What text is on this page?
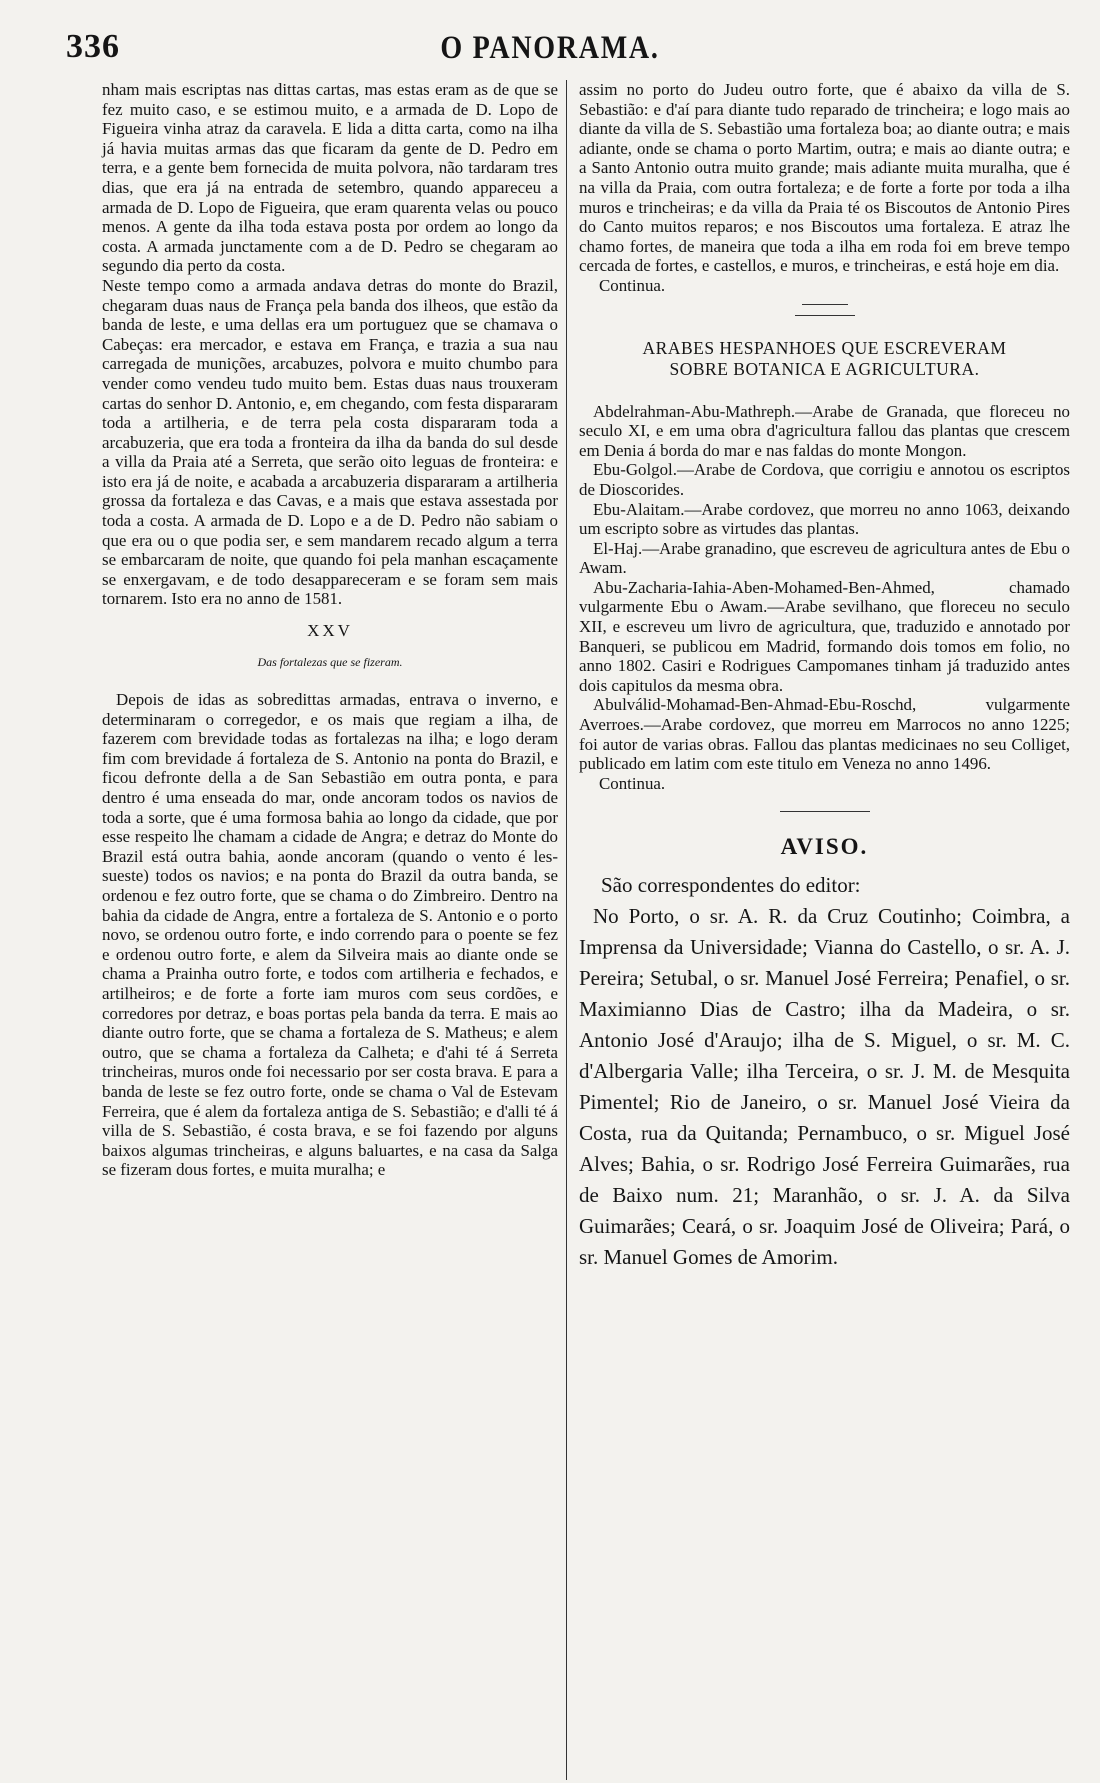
336	O PANORAMA.

nham mais escriptas nas dittas cartas, mas estas eram as de que se fez muito caso, e se estimou muito, e a armada de D. Lopo de Figueira vinha atraz da caravela. E lida a ditta carta, como na ilha já havia muitas armas das que ficaram da gente de D. Pedro em terra, e a gente bem fornecida de muita polvora, não tardaram tres dias, que era já na entrada de setembro, quando appareceu a armada de D. Lopo de Figueira, que eram quarenta velas ou pouco menos. A gente da ilha toda estava posta por ordem ao longo da costa. A armada junctamente com a de D. Pedro se chegaram ao segundo dia perto da costa.

Neste tempo como a armada andava detras do monte do Brazil, chegaram duas naus de França pela banda dos ilheos, que estão da banda de leste, e uma dellas era um portuguez que se chamava o Cabeças: era mercador, e estava em França, e trazia a sua nau carregada de munições, arcabuzes, polvora e muito chumbo para vender como vendeu tudo muito bem. Estas duas naus trouxeram cartas do senhor D. Antonio, e, em chegando, com festa dispararam toda a artilheria, e de terra pela costa dispararam toda a arcabuzeria, que era toda a fronteira da ilha da banda do sul desde a villa da Praia até a Serreta, que serão oito leguas de fronteira: e isto era já de noite, e acabada a arcabuzeria dispararam a artilheria grossa da fortaleza e das Cavas, e a mais que estava assestada por toda a costa. A armada de D. Lopo e a de D. Pedro não sabiam o que era ou o que podia ser, e sem mandarem recado algum a terra se embarcaram de noite, que quando foi pela manhan escaçamente se enxergavam, e de todo desappareceram e se foram sem mais tornarem. Isto era no anno de 1581.

XXV
Das fortalezas que se fizeram.

Depois de idas as sobredittas armadas, entrava o inverno, e determinaram o corregedor, e os mais que regiam a ilha, de fazerem com brevidade todas as fortalezas na ilha; e logo deram fim com brevidade á fortaleza de S. Antonio na ponta do Brazil, e ficou defronte della a de San Sebastião em outra ponta, e para dentro é uma enseada do mar, onde ancoram todos os navios de toda a sorte, que é uma formosa bahia ao longo da cidade, que por esse respeito lhe chamam a cidade de Angra; e detraz do Monte do Brazil está outra bahia, aonde ancoram (quando o vento é les-sueste) todos os navios; e na ponta do Brazil da outra banda, se ordenou e fez outro forte, que se chama o do Zimbreiro. Dentro na bahia da cidade de Angra, entre a fortaleza de S. Antonio e o porto novo, se ordenou outro forte, e indo correndo para o poente se fez e ordenou outro forte, e alem da Silveira mais ao diante onde se chama a Prainha outro forte, e todos com artilheria e fechados, e artilheiros; e de forte a forte iam muros com seus cordões, e corredores por detraz, e boas portas pela banda da terra. E mais ao diante outro forte, que se chama a fortaleza de S. Matheus; e alem outro, que se chama a fortaleza da Calheta; e d'ahi té á Serreta trincheiras, muros onde foi necessario por ser costa brava. E para a banda de leste se fez outro forte, onde se chama o Val de Estevam Ferreira, que é alem da fortaleza antiga de S. Sebastião; e d'alli té á villa de S. Sebastião, é costa brava, e se foi fazendo por alguns baixos algumas trincheiras, e alguns baluartes, e na casa da Salga se fizeram dous fortes, e muita muralha; e

assim no porto do Judeu outro forte, que é abaixo da villa de S. Sebastião: e d'aí para diante tudo reparado de trincheira; e logo mais ao diante da villa de S. Sebastião uma fortaleza boa; ao diante outra; e mais adiante, onde se chama o porto Martim, outra; e mais ao diante outra; e a Santo Antonio outra muito grande; mais adiante muita muralha, que é na villa da Praia, com outra fortaleza; e de forte a forte por toda a ilha muros e trincheiras; e da villa da Praia té os Biscoutos de Antonio Pires do Canto muitos reparos; e nos Biscoutos uma fortaleza. E atraz lhe chamo fortes, de maneira que toda a ilha em roda foi em breve tempo cercada de fortes, e castellos, e muros, e trincheiras, e está hoje em dia.

Continua.

ARABES HESPANHOES QUE ESCREVERAM
SOBRE BOTANICA E AGRICULTURA.

Abdelrahman-Abu-Mathreph.—Arabe de Granada, que floreceu no seculo XI, e em uma obra d'agricultura fallou das plantas que crescem em Denia á borda do mar e nas faldas do monte Mongon.

Ebu-Golgol.—Arabe de Cordova, que corrigiu e annotou os escriptos de Dioscorides.

Ebu-Alaitam.—Arabe cordovez, que morreu no anno 1063, deixando um escripto sobre as virtudes das plantas.

El-Haj.—Arabe granadino, que escreveu de agricultura antes de Ebu o Awam.

Abu-Zacharia-Iahia-Aben-Mohamed-Ben-Ahmed, chamado vulgarmente Ebu o Awam.—Arabe sevilhano, que floreceu no seculo XII, e escreveu um livro de agricultura, que, traduzido e annotado por Banqueri, se publicou em Madrid, formando dois tomos em folio, no anno 1802. Casiri e Rodrigues Campomanes tinham já traduzido antes dois capitulos da mesma obra.

Abulválid-Mohamad-Ben-Ahmad-Ebu-Roschd, vulgarmente Averroes.—Arabe cordovez, que morreu em Marrocos no anno 1225; foi autor de varias obras. Fallou das plantas medicinaes no seu Colliget, publicado em latim com este titulo em Veneza no anno 1496.

Continua.

AVISO.

São correspondentes do editor:

No Porto, o sr. A. R. da Cruz Coutinho; Coimbra, a Imprensa da Universidade; Vianna do Castello, o sr. A. J. Pereira; Setubal, o sr. Manuel José Ferreira; Penafiel, o sr. Maximianno Dias de Castro; ilha da Madeira, o sr. Antonio José d'Araujo; ilha de S. Miguel, o sr. M. C. d'Albergaria Valle; ilha Terceira, o sr. J. M. de Mesquita Pimentel; Rio de Janeiro, o sr. Manuel José Vieira da Costa, rua da Quitanda; Pernambuco, o sr. Miguel José Alves; Bahia, o sr. Rodrigo José Ferreira Guimarães, rua de Baixo num. 21; Maranhão, o sr. J. A. da Silva Guimarães; Ceará, o sr. Joaquim José de Oliveira; Pará, o sr. Manuel Gomes de Amorim.
